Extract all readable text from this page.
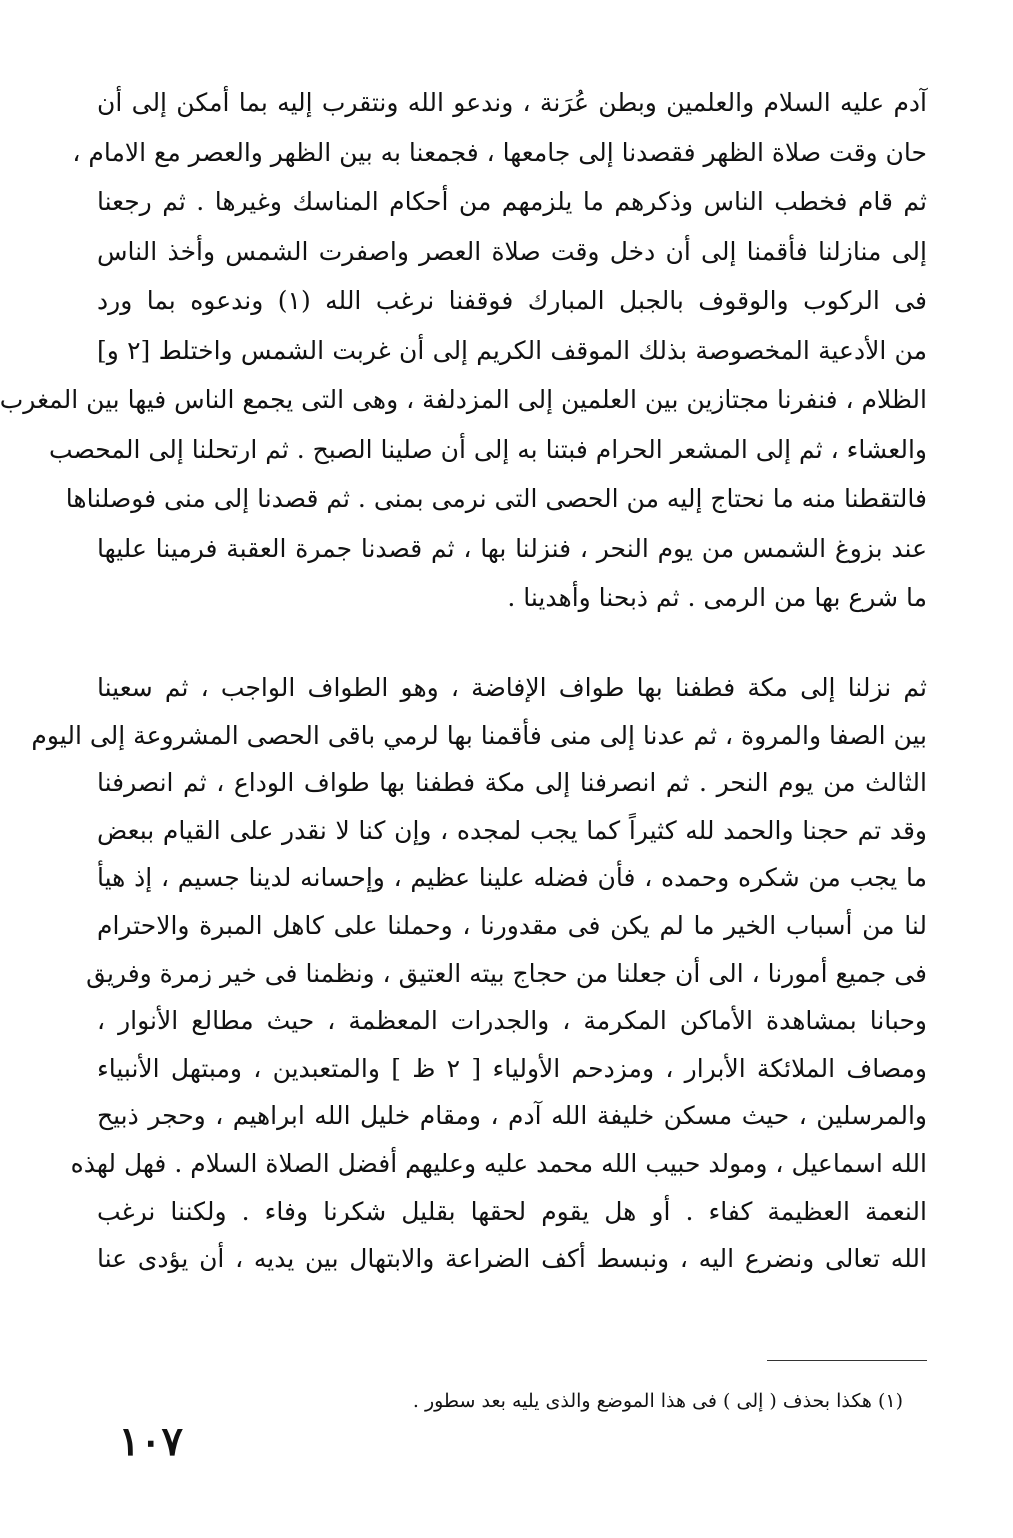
آدم عليه السلام والعلمين وبطن عُرَنة ، وندعو الله ونتقرب إليه بما أمكن إلى أن
حان وقت صلاة الظهر فقصدنا إلى جامعها ، فجمعنا به بين الظهر والعصر مع الامام ،
ثم قام فخطب الناس وذكرهم ما يلزمهم من أحكام المناسك وغيرها . ثم رجعنا
إلى منازلنا فأقمنا إلى أن دخل وقت صلاة العصر واصفرت الشمس وأخذ الناس
فى الركوب والوقوف بالجبل المبارك فوقفنا نرغب الله (١) وندعوه بما ورد
من الأدعية المخصوصة بذلك الموقف الكريم إلى أن غربت الشمس واختلط [٢ و]
الظلام ، فنفرنا مجتازين بين العلمين إلى المزدلفة ، وهى التى يجمع الناس فيها بين المغرب
والعشاء ، ثم إلى المشعر الحرام فبتنا به إلى أن صلينا الصبح . ثم ارتحلنا إلى المحصب
فالتقطنا منه ما نحتاج إليه من الحصى التى نرمى بمنى . ثم قصدنا إلى منى فوصلناها
عند بزوغ الشمس من يوم النحر ، فنزلنا بها ، ثم قصدنا جمرة العقبة فرمينا عليها
ما شرع بها من الرمى . ثم ذبحنا وأهدينا .
ثم نزلنا إلى مكة فطفنا بها طواف الإفاضة ، وهو الطواف الواجب ، ثم سعينا
بين الصفا والمروة ، ثم عدنا إلى منى فأقمنا بها لرمي باقى الحصى المشروعة إلى اليوم
الثالث من يوم النحر . ثم انصرفنا إلى مكة فطفنا بها طواف الوداع ، ثم انصرفنا
وقد تم حجنا والحمد لله كثيراً كما يجب لمجده ، وإن كنا لا نقدر على القيام ببعض
ما يجب من شكره وحمده ، فأن فضله علينا عظيم ، وإحسانه لدينا جسيم ، إذ هيأ
لنا من أسباب الخير ما لم يكن فى مقدورنا ، وحملنا على كاهل المبرة والاحترام
فى جميع أمورنا ، الى أن جعلنا من حجاج بيته العتيق ، ونظمنا فى خير زمرة وفريق
وحبانا بمشاهدة الأماكن المكرمة ، والجدرات المعظمة ، حيث مطالع الأنوار ،
ومصاف الملائكة الأبرار ، ومزدحم الأولياء [ ٢ ظ ] والمتعبدين ، ومبتهل الأنبياء
والمرسلين ، حيث مسكن خليفة الله آدم ، ومقام خليل الله ابراهيم ، وحجر ذبيح
الله اسماعيل ، ومولد حبيب الله محمد عليه وعليهم أفضل الصلاة السلام . فهل لهذه
النعمة العظيمة كفاء . أو هل يقوم لحقها بقليل شكرنا وفاء . ولكننا نرغب
الله تعالى ونضرع اليه ، ونبسط أكف الضراعة والابتهال بين يديه ، أن يؤدى عنا
(١) هكذا بحذف ( إلى ) فى هذا الموضع والذى يليه بعد سطور .
١٠٧
